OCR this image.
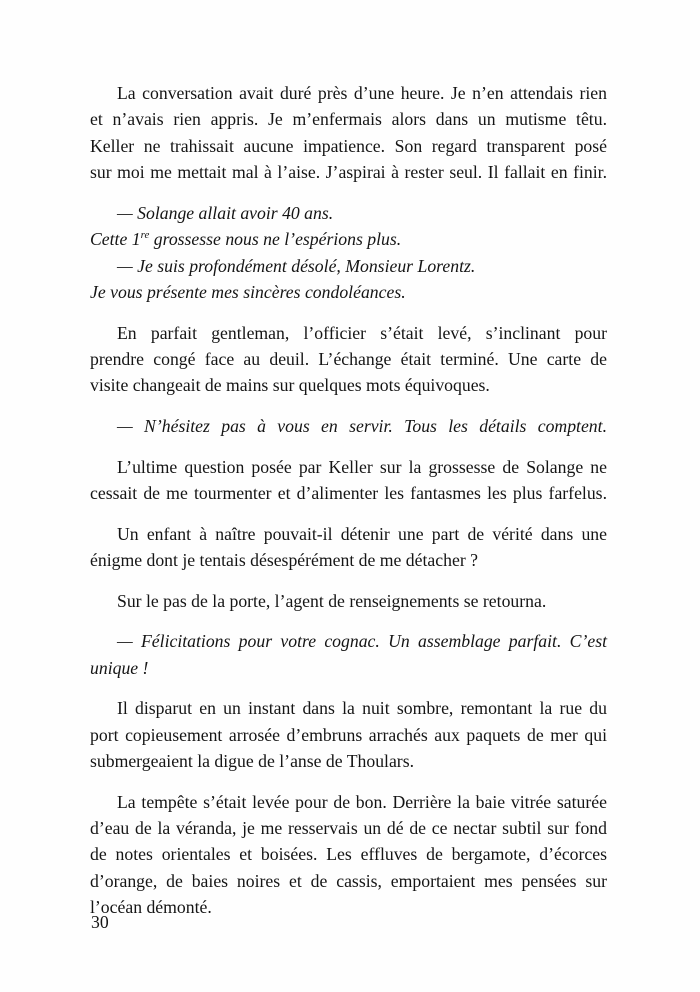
La conversation avait duré près d’une heure. Je n’en attendais rien
et n’avais rien appris. Je m’enfermais alors dans un mutisme têtu.
Keller ne trahissait aucune impatience. Son regard transparent posé
sur moi me mettait mal à l’aise. J’aspirai à rester seul. Il fallait en finir.

— Solange allait avoir 40 ans.
Cette 1re grossesse nous ne l’espérions plus.
— Je suis profondément désolé, Monsieur Lorentz.
Je vous présente mes sincères condoléances.

En parfait gentleman, l’officier s’était levé, s’inclinant pour
prendre congé face au deuil. L’échange était terminé. Une carte de
visite changeait de mains sur quelques mots équivoques.

— N’hésitez pas à vous en servir. Tous les détails comptent.

L’ultime question posée par Keller sur la grossesse de Solange ne
cessait de me tourmenter et d’alimenter les fantasmes les plus farfelus.

Un enfant à naître pouvait-il détenir une part de vérité dans une
énigme dont je tentais désespérément de me détacher ?

Sur le pas de la porte, l’agent de renseignements se retourna.

— Félicitations pour votre cognac. Un assemblage parfait. C’est
unique !

Il disparut en un instant dans la nuit sombre, remontant la rue du
port copieusement arrosée d’embruns arrachés aux paquets de mer qui
submergeaient la digue de l’anse de Thoulars.

La tempête s’était levée pour de bon. Derrière la baie vitrée saturée
d’eau de la véranda, je me resservais un dé de ce nectar subtil sur fond
de notes orientales et boisées. Les effluves de bergamote, d’écorces
d’orange, de baies noires et de cassis, emportaient mes pensées sur
l’océan démonté.

30
